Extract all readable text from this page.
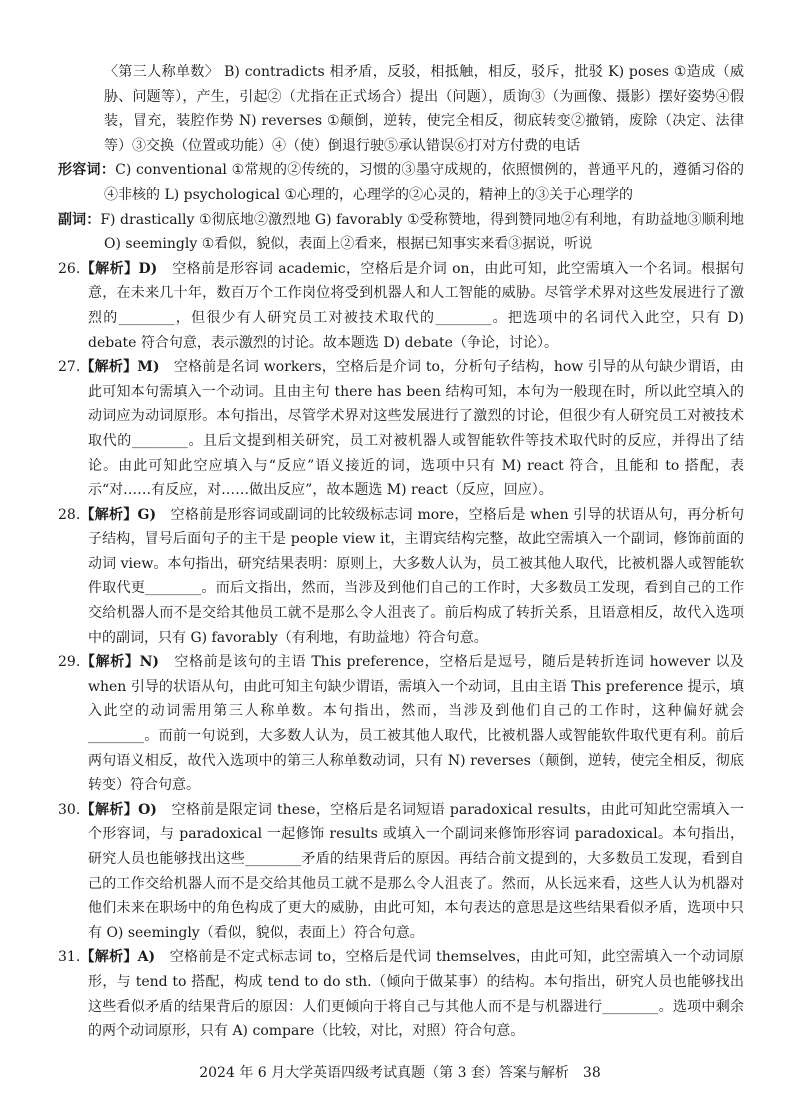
〈第三人称单数〉 B) contradicts 相矛盾，反驳，相抵触，相反，驳斥，批驳 K) poses ①造成（威胁、问题等），产生，引起②（尤指在正式场合）提出（问题），质询③（为画像、摄影）摆好姿势④假装，冒充，装腔作势 N) reverses ①颠倒，逆转，使完全相反，彻底转变②撤销，废除（决定、法律等）③交换（位置或功能）④（使）倒退行驶⑤承认错误⑥打对方付费的电话

形容词：C) conventional ①常规的②传统的，习惯的③墨守成规的，依照惯例的，普通平凡的，遵循习俗的④非核的 L) psychological ①心理的，心理学的②心灵的，精神上的③关于心理学的

副词：F) drastically ①彻底地②激烈地 G) favorably ①受称赞地，得到赞同地②有利地，有助益地③顺利地 O) seemingly ①看似，貌似，表面上②看来，根据已知事实来看③据说，听说

26.【解析】D)　 空格前是形容词 academic，空格后是介词 on，由此可知，此空需填入一个名词。根据句意，在未来几十年，数百万个工作岗位将受到机器人和人工智能的威胁。尽管学术界对这些发展进行了激烈的________，但很少有人研究员工对被技术取代的________。把选项中的名词代入此空，只有 D) debate 符合句意，表示激烈的讨论。故本题选 D) debate（争论，讨论）。

27.【解析】M)　 空格前是名词 workers，空格后是介词 to，分析句子结构，how 引导的从句缺少谓语，由此可知本句需填入一个动词。且由主句 there has been 结构可知，本句为一般现在时，所以此空填入的动词应为动词原形。本句指出，尽管学术界对这些发展进行了激烈的讨论，但很少有人研究员工对被技术取代的________。且后文提到相关研究，员工对被机器人或智能软件等技术取代时的反应，并得出了结论。由此可知此空应填入与“反应”语义接近的词，选项中只有 M) react 符合，且能和 to 搭配，表示“对……有反应，对……做出反应”，故本题选 M) react（反应，回应）。

28.【解析】G)　 空格前是形容词或副词的比较级标志词 more，空格后是 when 引导的状语从句，再分析句子结构，冒号后面句子的主干是 people view it，主谓宾结构完整，故此空需填入一个副词，修饰前面的动词 view。本句指出，研究结果表明：原则上，大多数人认为，员工被其他人取代，比被机器人或智能软件取代更________。而后文指出，然而，当涉及到他们自己的工作时，大多数员工发现，看到自己的工作交给机器人而不是交给其他员工就不是那么令人沮丧了。前后构成了转折关系，且语意相反，故代入选项中的副词，只有 G) favorably（有利地，有助益地）符合句意。

29.【解析】N)　 空格前是该句的主语 This preference，空格后是逗号，随后是转折连词 however 以及 when 引导的状语从句，由此可知主句缺少谓语，需填入一个动词，且由主语 This preference 提示，填入此空的动词需用第三人称单数。本句指出，然而，当涉及到他们自己的工作时，这种偏好就会________。而前一句说到，大多数人认为，员工被其他人取代，比被机器人或智能软件取代更有利。前后两句语义相反，故代入选项中的第三人称单数动词，只有 N) reverses（颠倒，逆转，使完全相反，彻底转变）符合句意。

30.【解析】O)　 空格前是限定词 these，空格后是名词短语 paradoxical results，由此可知此空需填入一个形容词，与 paradoxical 一起修饰 results 或填入一个副词来修饰形容词 paradoxical。本句指出，研究人员也能够找出这些________矛盾的结果背后的原因。再结合前文提到的，大多数员工发现，看到自己的工作交给机器人而不是交给其他员工就不是那么令人沮丧了。然而，从长远来看，这些人认为机器对他们未来在职场中的角色构成了更大的威胁，由此可知，本句表达的意思是这些结果看似矛盾，选项中只有 O) seemingly（看似，貌似，表面上）符合句意。

31.【解析】A)　 空格前是不定式标志词 to，空格后是代词 themselves，由此可知，此空需填入一个动词原形，与 tend to 搭配，构成 tend to do sth.（倾向于做某事）的结构。本句指出，研究人员也能够找出这些看似矛盾的结果背后的原因：人们更倾向于将自己与其他人而不是与机器进行________。选项中剩余的两个动词原形，只有 A) compare（比较，对比，对照）符合句意。

2024 年 6 月大学英语四级考试真题（第 3 套）答案与解析　38
